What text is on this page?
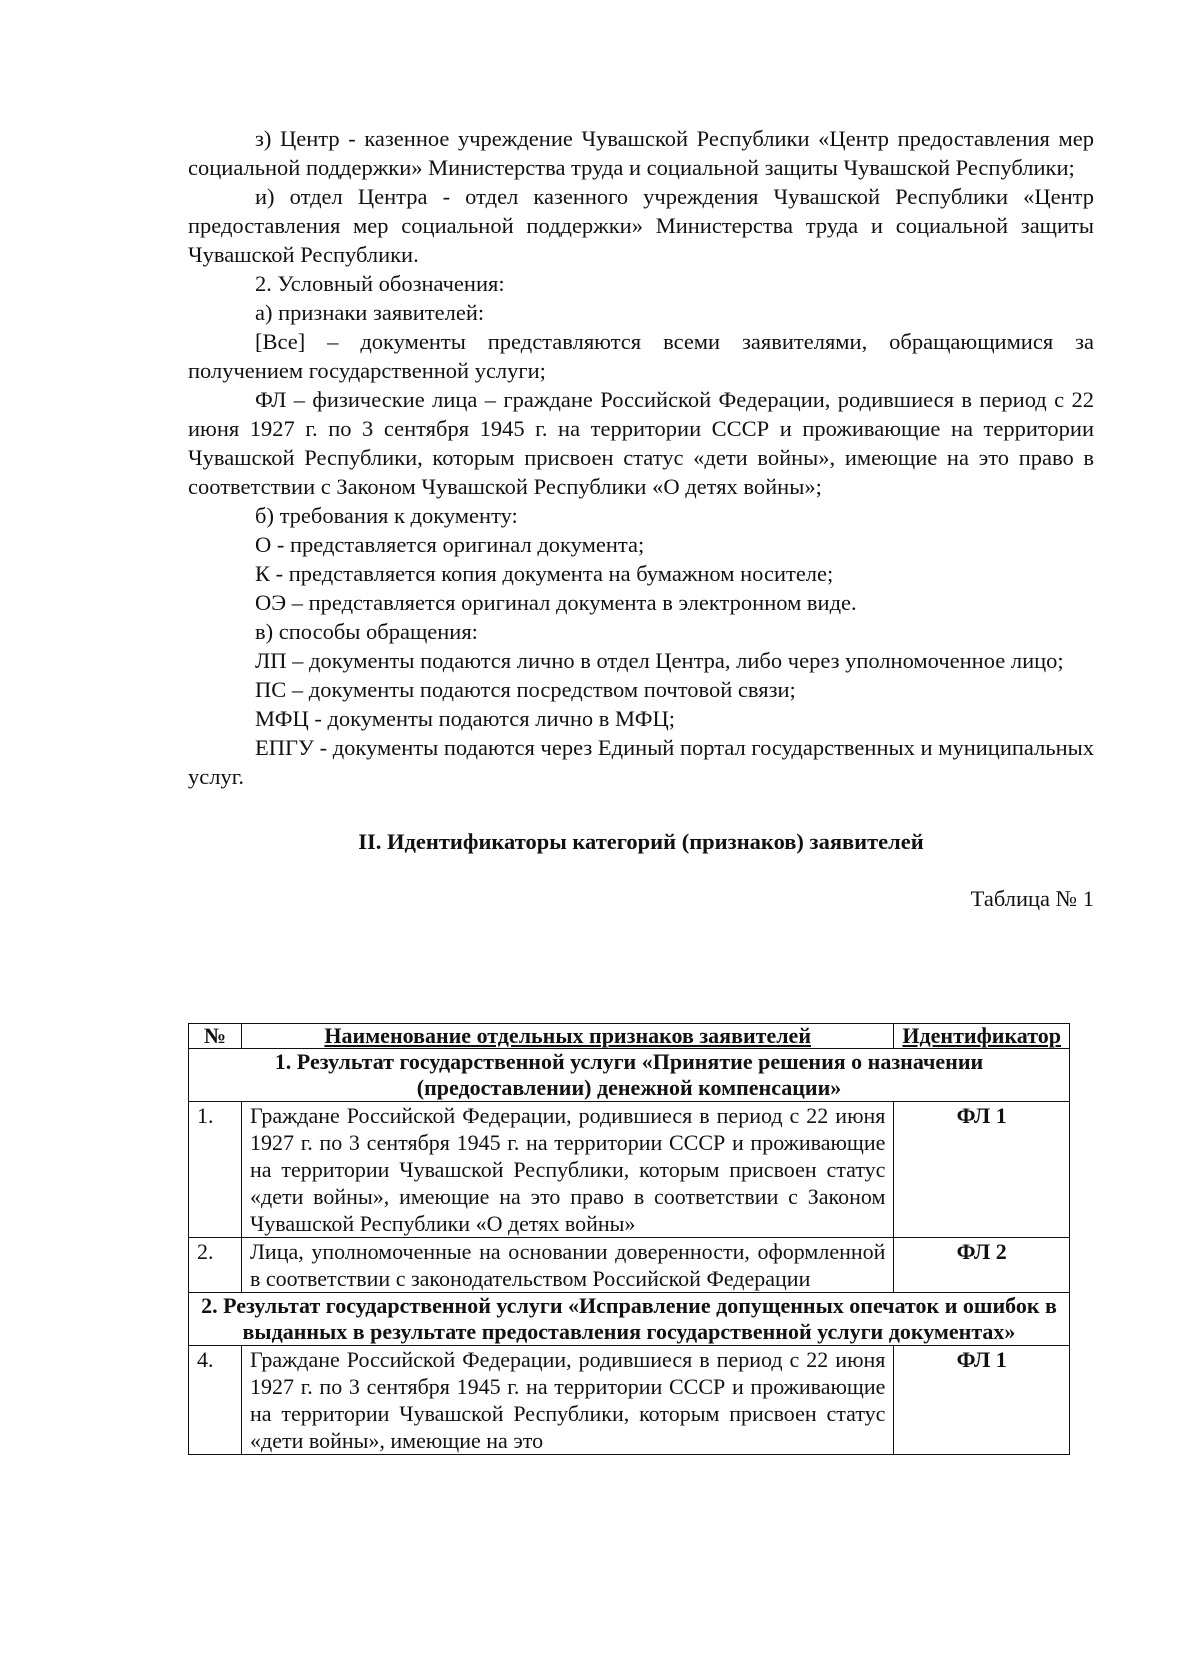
з) Центр - казенное учреждение Чувашской Республики «Центр предоставления мер социальной поддержки» Министерства труда и социальной защиты Чувашской Республики;

и) отдел Центра - отдел казенного учреждения Чувашской Республики «Центр предоставления мер социальной поддержки» Министерства труда и социальной защиты Чувашской Республики.

2. Условный обозначения:

а) признаки заявителей:

[Все] – документы представляются всеми заявителями, обращающимися за получением государственной услуги;

ФЛ – физические лица – граждане Российской Федерации, родившиеся в период с 22 июня 1927 г. по 3 сентября 1945 г. на территории СССР и проживающие на территории Чувашской Республики, которым присвоен статус «дети войны», имеющие на это право в соответствии с Законом Чувашской Республики «О детях войны»;

б) требования к документу:

О - представляется оригинал документа;

К - представляется копия документа на бумажном носителе;

ОЭ – представляется оригинал документа в электронном виде.

в) способы обращения:

ЛП – документы подаются лично в отдел Центра, либо через уполномоченное лицо;

ПС – документы подаются посредством почтовой связи;

МФЦ - документы подаются лично в МФЦ;

ЕПГУ - документы подаются через Единый портал государственных и муниципальных услуг.

II. Идентификаторы категорий (признаков) заявителей

Таблица № 1

№	Наименование отдельных признаков заявителей	Идентификатор
1. Результат государственной услуги «Принятие решения о назначении (предоставлении) денежной компенсации»		
1.	Граждане Российской Федерации, родившиеся в период с 22 июня 1927 г. по 3 сентября 1945 г. на территории СССР и проживающие на территории Чувашской Республики, которым присвоен статус «дети войны», имеющие на это право в соответствии с Законом Чувашской Республики «О детях войны»	ФЛ 1
2.	Лица, уполномоченные на основании доверенности, оформленной в соответствии с законодательством Российской Федерации	ФЛ 2
2. Результат государственной услуги «Исправление допущенных опечаток и ошибок в выданных в результате предоставления государственной услуги документах»		
4.	Граждане Российской Федерации, родившиеся в период с 22 июня 1927 г. по 3 сентября 1945 г. на территории СССР и проживающие на территории Чувашской Республики, которым присвоен статус «дети войны», имеющие на это	ФЛ 1
